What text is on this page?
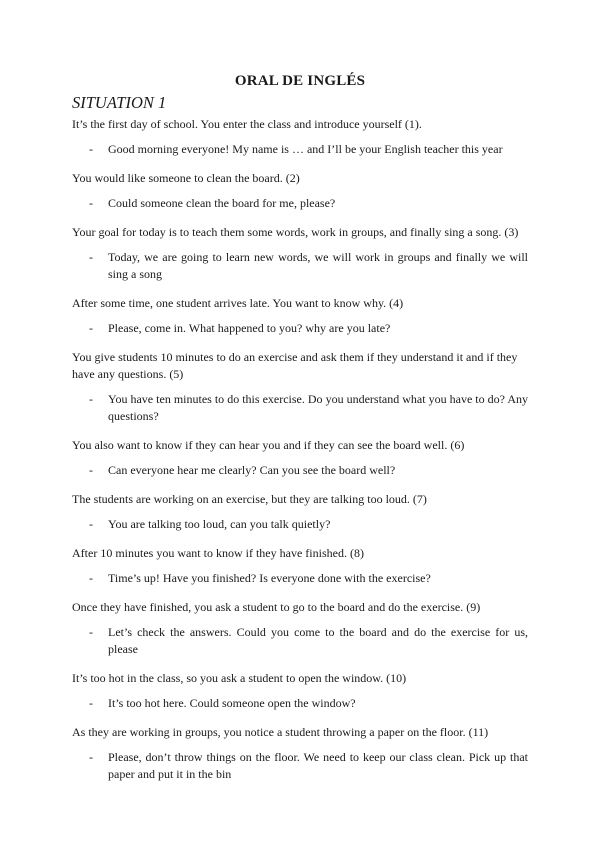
ORAL DE INGLÉS
SITUATION 1

It’s the first day of school. You enter the class and introduce yourself (1).

- Good morning everyone! My name is … and I’ll be your English teacher this year

You would like someone to clean the board. (2)

- Could someone clean the board for me, please?

Your goal for today is to teach them some words, work in groups, and finally sing a song. (3)

- Today, we are going to learn new words, we will work in groups and finally we will sing a song

After some time, one student arrives late. You want to know why. (4)

- Please, come in. What happened to you? why are you late?

You give students 10 minutes to do an exercise and ask them if they understand it and if they have any questions. (5)

- You have ten minutes to do this exercise. Do you understand what you have to do? Any questions?

You also want to know if they can hear you and if they can see the board well. (6)

- Can everyone hear me clearly? Can you see the board well?

The students are working on an exercise, but they are talking too loud. (7)

- You are talking too loud, can you talk quietly?

After 10 minutes you want to know if they have finished. (8)

- Time’s up! Have you finished? Is everyone done with the exercise?

Once they have finished, you ask a student to go to the board and do the exercise. (9)

- Let’s check the answers. Could you come to the board and do the exercise for us, please

It’s too hot in the class, so you ask a student to open the window. (10)

- It’s too hot here. Could someone open the window?

As they are working in groups, you notice a student throwing a paper on the floor. (11)

- Please, don’t throw things on the floor. We need to keep our class clean. Pick up that paper and put it in the bin
